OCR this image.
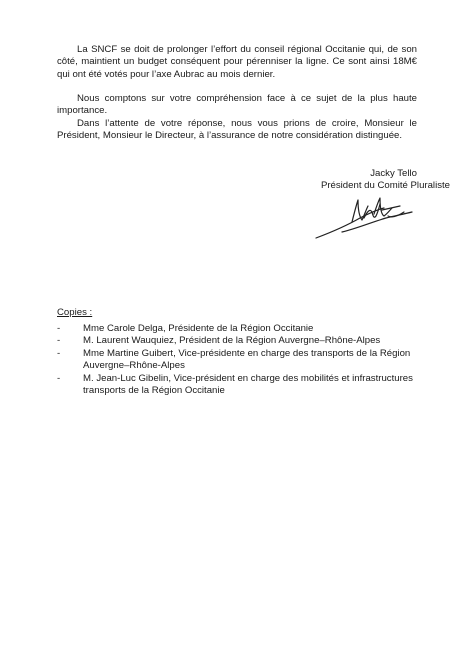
La SNCF se doit de prolonger l’effort du conseil régional Occitanie qui, de son côté, maintient un budget conséquent pour pérenniser la ligne. Ce sont ainsi 18M€ qui ont été votés pour l’axe Aubrac au mois dernier.

Nous comptons sur votre compréhension face à ce sujet de la plus haute importance.

Dans l’attente de votre réponse, nous vous prions de croire, Monsieur le Président, Monsieur le Directeur, à l’assurance de notre considération distinguée.

Jacky Tello
Président du Comité Pluraliste
Copies :
- Mme Carole Delga, Présidente de la Région Occitanie
- M. Laurent Wauquiez, Président de la Région Auvergne–Rhône-Alpes
- Mme Martine Guibert, Vice-présidente en charge des transports de la Région Auvergne–Rhône-Alpes
- M. Jean-Luc Gibelin, Vice-président en charge des mobilités et infrastructures transports de la Région Occitanie
